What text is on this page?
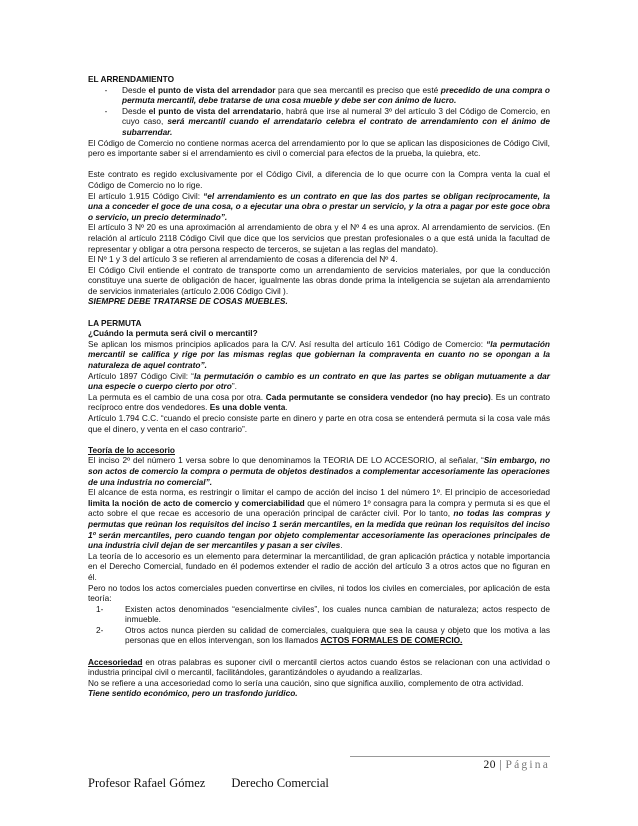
EL ARRENDAMIENTO

-	Desde el punto de vista del arrendador para que sea mercantil es preciso que esté precedido de una compra o permuta mercantil, debe tratarse de una cosa mueble y debe ser con ánimo de lucro.
-	Desde el punto de vista del arrendatario, habrá que irse al numeral 3º del artículo 3 del Código de Comercio, en cuyo caso, será mercantil cuando el arrendatario celebra el contrato de arrendamiento con el ánimo de subarrendar.

El Código de Comercio no contiene normas acerca del arrendamiento por lo que se aplican las disposiciones de Código Civil, pero es importante saber si el arrendamiento es civil o comercial para efectos de la prueba, la quiebra, etc.

Este contrato es regido exclusivamente por el Código Civil, a diferencia de lo que ocurre con la Compra venta la cual el Código de Comercio no lo rige.

El artículo 1.915 Código Civil: “el arrendamiento es un contrato en que las dos partes se obligan recíprocamente, la una a conceder el goce de una cosa, o a ejecutar una obra o prestar un servicio, y la otra a pagar por este goce obra o servicio, un precio determinado”.

El artículo 3 Nº 20 es una aproximación al arrendamiento de obra y el Nº 4 es una aprox. Al arrendamiento de servicios. (En relación al artículo 2118 Código Civil que dice que los servicios que prestan profesionales o a que está unida la facultad de representar y obligar a otra persona respecto de terceros, se sujetan a las reglas del mandato).

El Nº 1 y 3 del artículo 3 se refieren al arrendamiento de cosas a diferencia del Nº 4.

El Código Civil entiende el contrato de transporte como un arrendamiento de servicios materiales, por que la conducción constituye una suerte de obligación de hacer, igualmente las obras donde prima la inteligencia se sujetan ala arrendamiento de servicios inmateriales (artículo 2.006 Código Civil ).

SIEMPRE DEBE TRATARSE DE COSAS MUEBLES.

LA PERMUTA

¿Cuándo la permuta será civil o mercantil?

Se aplican los mismos principios aplicados para la C/V. Así resulta del artículo 161 Código de Comercio: “la permutación mercantil se califica y rige por las mismas reglas que gobiernan la compraventa en cuanto no se opongan a la naturaleza de aquel contrato”.

Artículo 1897 Código Civil: “la permutación o cambio es un contrato en que las partes se obligan mutuamente a dar una especie o cuerpo cierto por otro”.

La permuta es el cambio de una cosa por otra. Cada permutante se considera vendedor (no hay precio). Es un contrato recíproco entre dos vendedores. Es una doble venta.

Artículo 1.794 C.C. “cuando el precio consiste parte en dinero y parte en otra cosa se entenderá permuta si la cosa vale más que el dinero, y venta en el caso contrario”.

Teoría de lo accesorio

El inciso 2º del número 1 versa sobre lo que denominamos la TEORIA DE LO ACCESORIO, al señalar, “Sin embargo, no son actos de comercio la compra o permuta de objetos destinados a complementar accesoriamente las operaciones de una industria no comercial”.

El alcance de esta norma, es restringir o limitar el campo de acción del inciso 1 del número 1º. El principio de accesoriedad limita la noción de acto de comercio y comerciabilidad que el número 1º consagra para la compra y permuta si es que el acto sobre el que recae es accesorio de una operación principal de carácter civil. Por lo tanto, no todas las compras y permutas que reúnan los requisitos del inciso 1 serán mercantiles, en la medida que reúnan los requisitos del inciso 1º serán mercantiles, pero cuando tengan por objeto complementar accesoriamente las operaciones principales de una industria civil dejan de ser mercantiles y pasan a ser civiles.

La teoría de lo accesorio es un elemento para determinar la mercantilidad, de gran aplicación práctica y notable importancia en el Derecho Comercial, fundado en él podemos extender el radio de acción del artículo 3 a otros actos que no figuran en él.

Pero no todos los actos comerciales pueden convertirse en civiles, ni todos los civiles en comerciales, por aplicación de esta teoría:

1-	Existen actos denominados “esencialmente civiles”, los cuales nunca cambian de naturaleza; actos respecto de inmueble.
2-	Otros actos nunca pierden su calidad de comerciales, cualquiera que sea la causa y objeto que los motiva a las personas que en ellos intervengan, son los llamados ACTOS FORMALES DE COMERCIO.

Accesoriedad en otras palabras es suponer civil o mercantil ciertos actos cuando éstos se relacionan con una actividad o industria principal civil o mercantil, facilitándoles, garantizándoles o ayudando a realizarlas.

No se refiere a una accesoriedad como lo sería una caución, sino que significa auxilio, complemento de otra actividad.

Tiene sentido económico, pero un trasfondo jurídico.

20 | Página
Profesor Rafael Gómez Derecho Comercial
